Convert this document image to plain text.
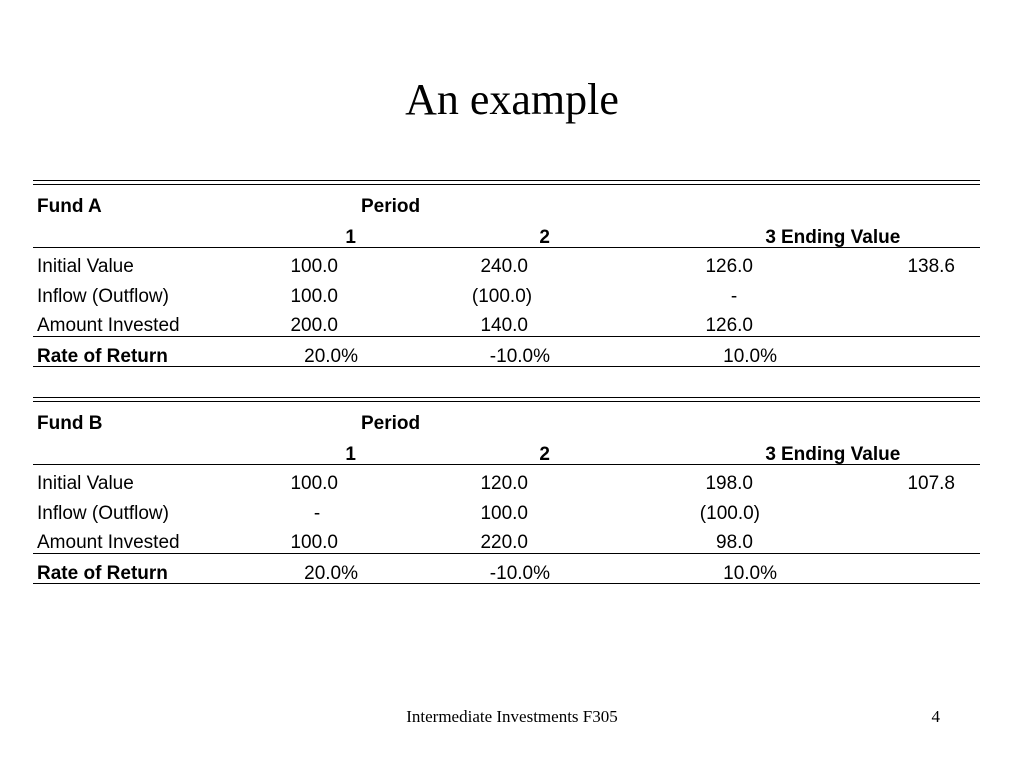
An example
Fund A	Period
1	2	3 Ending Value
Initial Value	100.0	240.0	126.0	138.6
Inflow (Outflow)	100.0	(100.0)	-
Amount Invested	200.0	140.0	126.0
Rate of Return	20.0%	-10.0%	10.0%
Fund B	Period
1	2	3 Ending Value
Initial Value	100.0	120.0	198.0	107.8
Inflow (Outflow)	-	100.0	(100.0)
Amount Invested	100.0	220.0	98.0
Rate of Return	20.0%	-10.0%	10.0%
Intermediate Investments F305	4
